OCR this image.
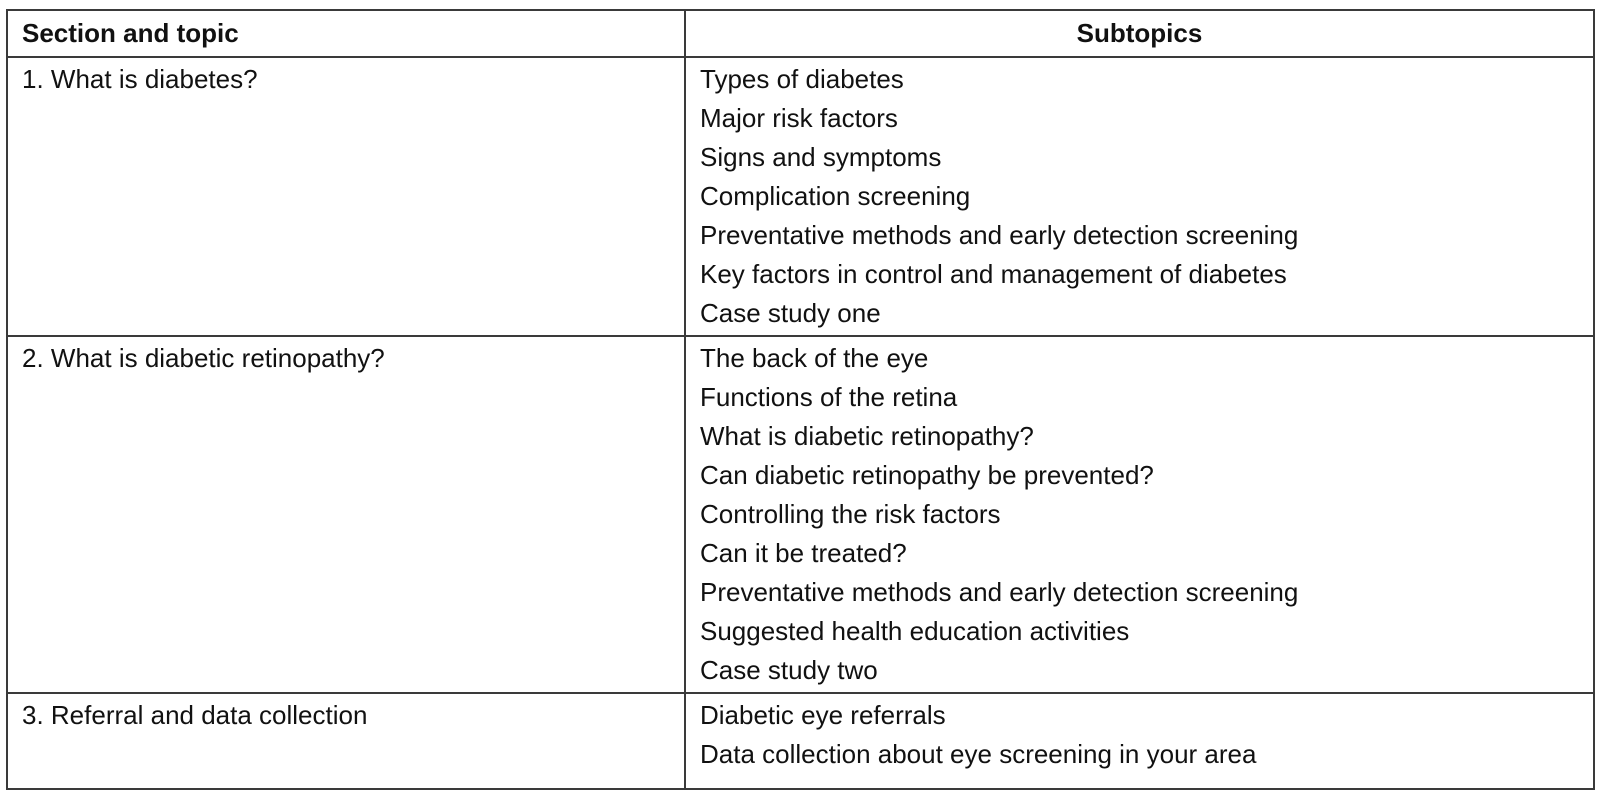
Section and topic	Subtopics
1. What is diabetes?	Types of diabetes
Major risk factors
Signs and symptoms
Complication screening
Preventative methods and early detection screening
Key factors in control and management of diabetes
Case study one

2. What is diabetic retinopathy?	The back of the eye
Functions of the retina
What is diabetic retinopathy?
Can diabetic retinopathy be prevented?
Controlling the risk factors
Can it be treated?
Preventative methods and early detection screening
Suggested health education activities
Case study two

3. Referral and data collection	Diabetic eye referrals
Data collection about eye screening in your area
